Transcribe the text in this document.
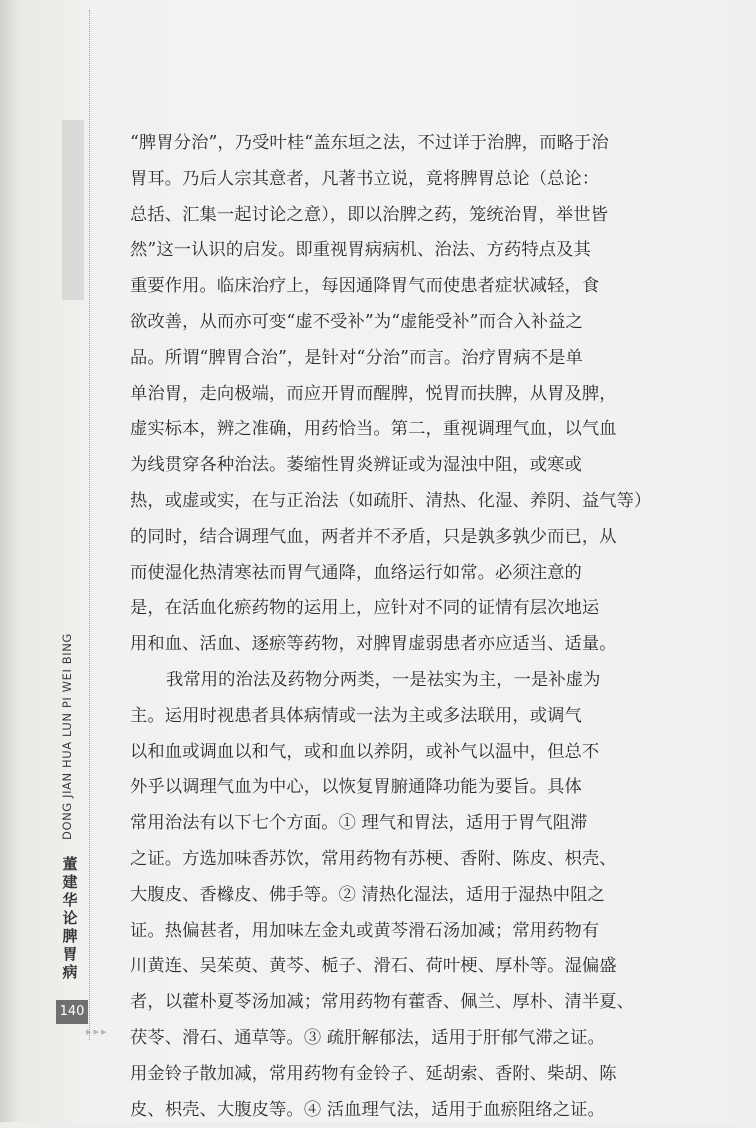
DONG JIAN HUA LUN PI WEI BING
董建华论脾胃病
140
▸▸▸
“脾胃分治”，乃受叶桂“盖东垣之法，不过详于治脾，而略于治
胃耳。乃后人宗其意者，凡著书立说，竟将脾胃总论（总论：
总括、汇集一起讨论之意），即以治脾之药，笼统治胃，举世皆
然”这一认识的启发。即重视胃病病机、治法、方药特点及其
重要作用。临床治疗上，每因通降胃气而使患者症状减轻，食
欲改善，从而亦可变“虚不受补”为“虚能受补”而合入补益之
品。所谓“脾胃合治”，是针对“分治”而言。治疗胃病不是单
单治胃，走向极端，而应开胃而醒脾，悦胃而扶脾，从胃及脾，
虚实标本，辨之准确，用药恰当。第二，重视调理气血，以气血
为线贯穿各种治法。萎缩性胃炎辨证或为湿浊中阻，或寒或
热，或虚或实，在与正治法（如疏肝、清热、化湿、养阴、益气等）
的同时，结合调理气血，两者并不矛盾，只是孰多孰少而已，从
而使湿化热清寒祛而胃气通降，血络运行如常。必须注意的
是，在活血化瘀药物的运用上，应针对不同的证情有层次地运
用和血、活血、逐瘀等药物，对脾胃虚弱患者亦应适当、适量。
我常用的治法及药物分两类，一是祛实为主，一是补虚为
主。运用时视患者具体病情或一法为主或多法联用，或调气
以和血或调血以和气，或和血以养阴，或补气以温中，但总不
外乎以调理气血为中心，以恢复胃腑通降功能为要旨。具体
常用治法有以下七个方面。① 理气和胃法，适用于胃气阻滞
之证。方选加味香苏饮，常用药物有苏梗、香附、陈皮、枳壳、
大腹皮、香橼皮、佛手等。② 清热化湿法，适用于湿热中阻之
证。热偏甚者，用加味左金丸或黄芩滑石汤加减；常用药物有
川黄连、吴茱萸、黄芩、栀子、滑石、荷叶梗、厚朴等。湿偏盛
者，以藿朴夏苓汤加减；常用药物有藿香、佩兰、厚朴、清半夏、
茯苓、滑石、通草等。③ 疏肝解郁法，适用于肝郁气滞之证。
用金铃子散加减，常用药物有金铃子、延胡索、香附、柴胡、陈
皮、枳壳、大腹皮等。④ 活血理气法，适用于血瘀阻络之证。
